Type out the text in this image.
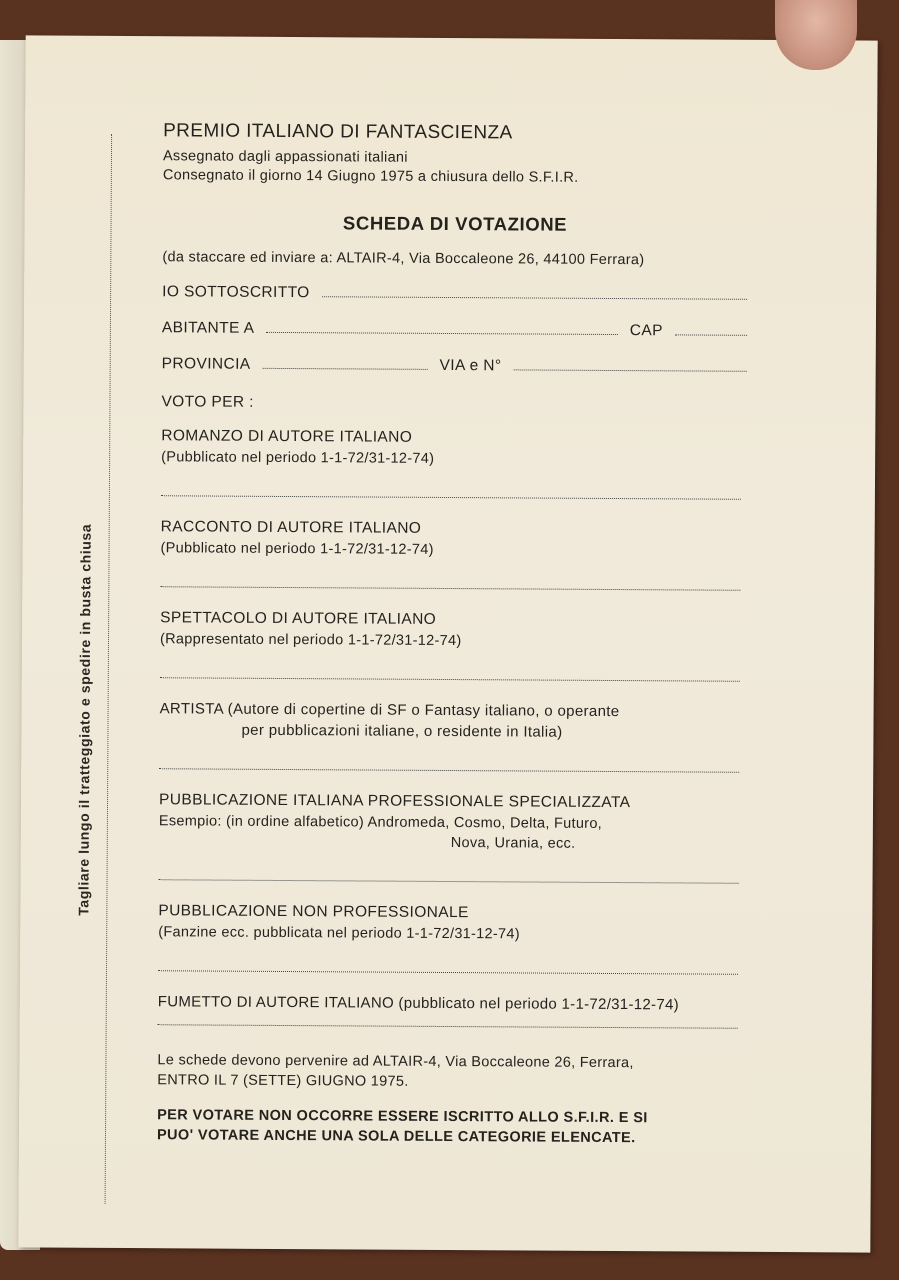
Tagliare lungo il tratteggiato e spedire in busta chiusa
PREMIO ITALIANO DI FANTASCIENZA
Assegnato dagli appassionati italiani
Consegnato il giorno 14 Giugno 1975 a chiusura dello S.F.I.R.
SCHEDA DI VOTAZIONE
(da staccare ed inviare a: ALTAIR-4, Via Boccaleone 26, 44100 Ferrara)
IO SOTTOSCRITTO
ABITANTE A	CAP
PROVINCIA	VIA e N°
VOTO PER :
ROMANZO DI AUTORE ITALIANO
(Pubblicato nel periodo 1-1-72/31-12-74)
RACCONTO DI AUTORE ITALIANO
(Pubblicato nel periodo 1-1-72/31-12-74)
SPETTACOLO DI AUTORE ITALIANO
(Rappresentato nel periodo 1-1-72/31-12-74)
ARTISTA (Autore di copertine di SF o Fantasy italiano, o operante
per pubblicazioni italiane, o residente in Italia)
PUBBLICAZIONE ITALIANA PROFESSIONALE SPECIALIZZATA
Esempio: (in ordine alfabetico) Andromeda, Cosmo, Delta, Futuro,
Nova, Urania, ecc.
PUBBLICAZIONE NON PROFESSIONALE
(Fanzine ecc. pubblicata nel periodo 1-1-72/31-12-74)
FUMETTO DI AUTORE ITALIANO (pubblicato nel periodo 1-1-72/31-12-74)
Le schede devono pervenire ad ALTAIR-4, Via Boccaleone 26, Ferrara,
ENTRO IL 7 (SETTE) GIUGNO 1975.
PER VOTARE NON OCCORRE ESSERE ISCRITTO ALLO S.F.I.R. E SI
PUO' VOTARE ANCHE UNA SOLA DELLE CATEGORIE ELENCATE.
